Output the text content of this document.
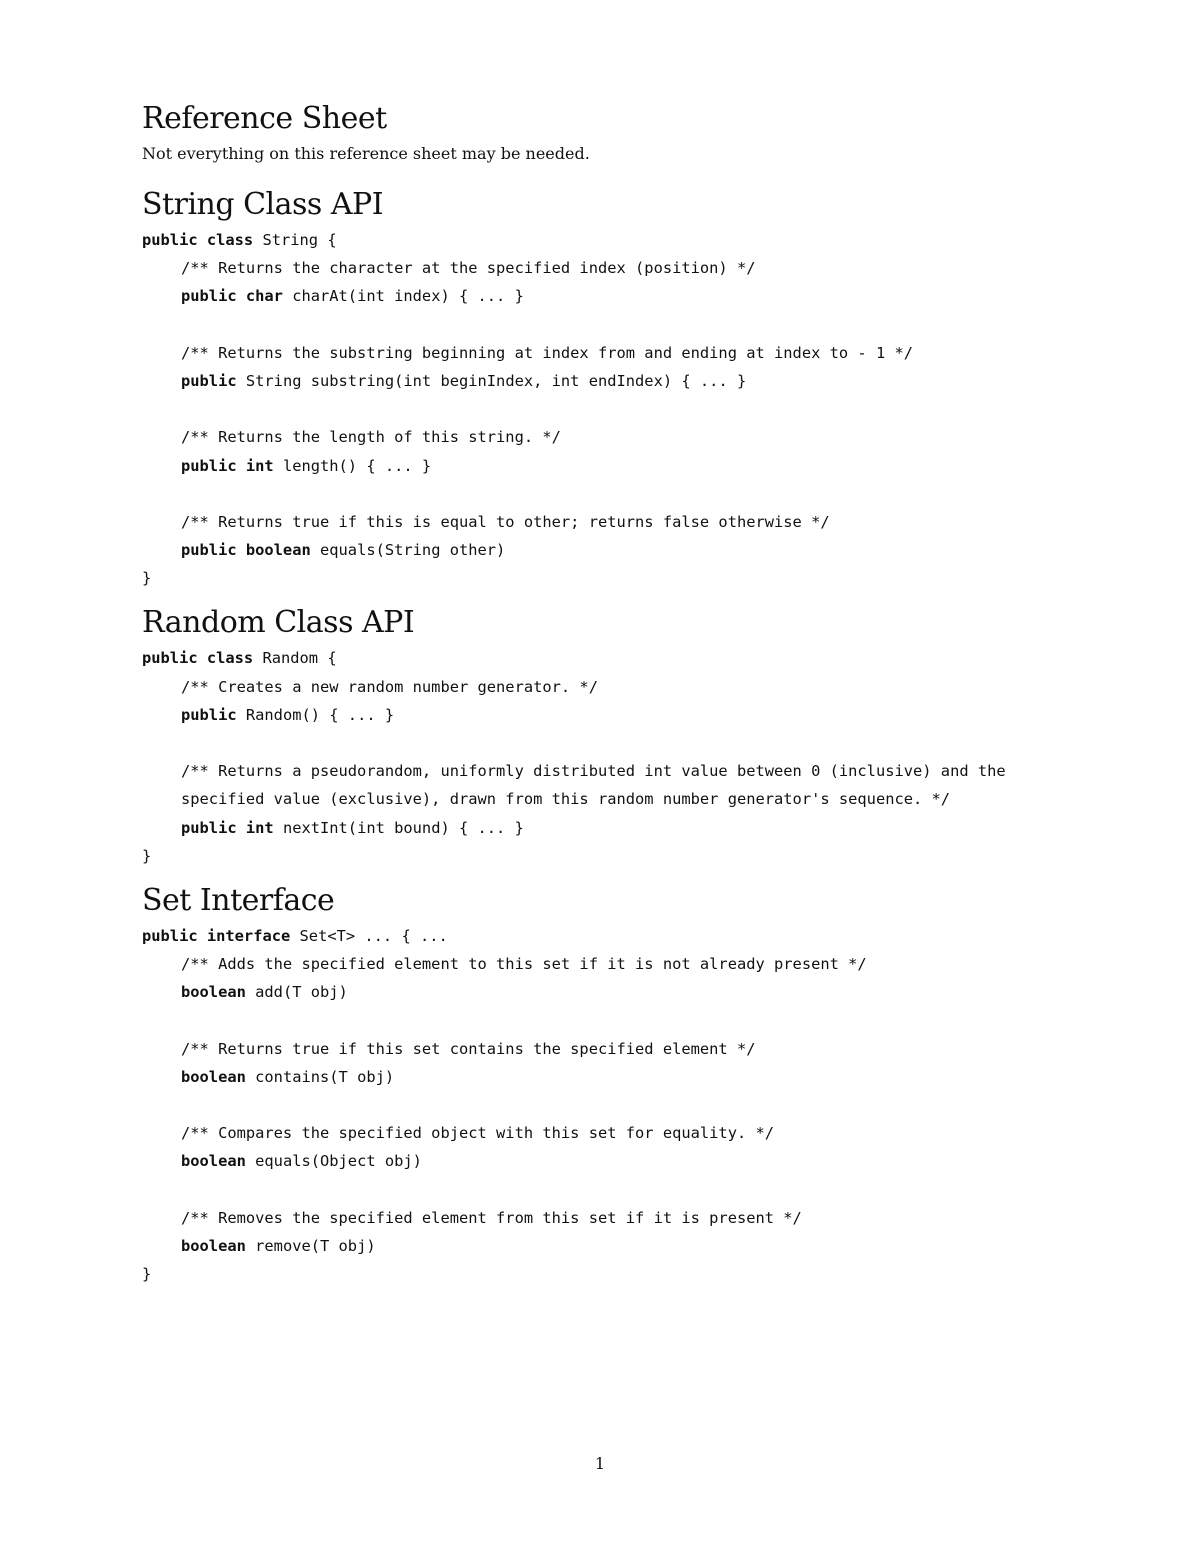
Reference Sheet

Not everything on this reference sheet may be needed.

String Class API
public class String {
/** Returns the character at the specified index (position) */
public char charAt(int index) { ... }
/** Returns the substring beginning at index from and ending at index to - 1 */
public String substring(int beginIndex, int endIndex) { ... }
/** Returns the length of this string. */
public int length() { ... }
/** Returns true if this is equal to other; returns false otherwise */
public boolean equals(String other)
}
Random Class API
public class Random {
/** Creates a new random number generator. */
public Random() { ... }
/** Returns a pseudorandom, uniformly distributed int value between 0 (inclusive) and the
specified value (exclusive), drawn from this random number generator's sequence. */
public int nextInt(int bound) { ... }
}
Set Interface
public interface Set<T> ... { ...
/** Adds the specified element to this set if it is not already present */
boolean add(T obj)
/** Returns true if this set contains the specified element */
boolean contains(T obj)
/** Compares the specified object with this set for equality. */
boolean equals(Object obj)
/** Removes the specified element from this set if it is present */
boolean remove(T obj)
}
1
